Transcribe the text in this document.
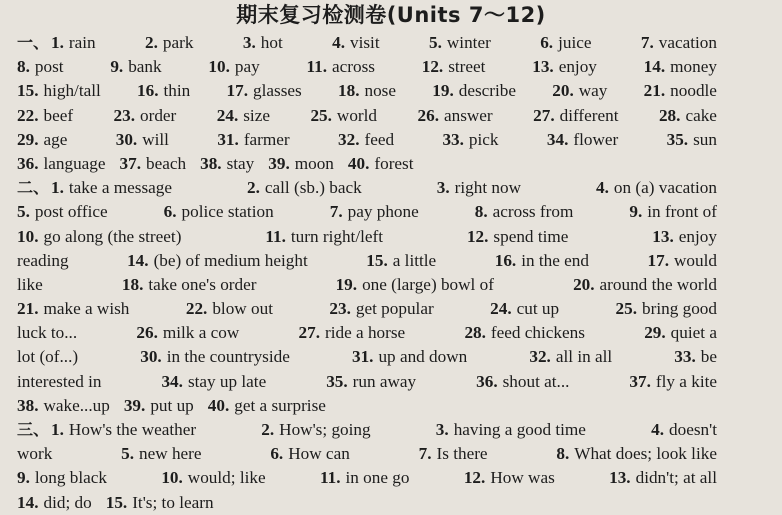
期末复习检测卷(Units 7～12)
一、 1. rain	2. park	3. hot	4. visit	5. winter	6. juice	7. vacation
8. post	9. bank	10. pay	11. across	12. street	13. enjoy	14. money
15. high/tall 16. thin 17. glasses 18. nose 19. describe 20. way 21. noodle
22. beef 23. order 24. size 25. world 26. answer 27. different 28. cake
29. age	30. will	31. farmer	32. feed	33. pick	34. flower	35. sun
36. language 37. beach 38. stay 39. moon 40. forest
二、 1. take a message	2. call (sb.) back	3. right now	4. on (a) vacation
5. post office	6. police station	7. pay phone	8. across from	9. in front of
10. go along (the street)	11. turn right/left	12. spend time	13. enjoy
reading	14. (be) of medium height	15. a little	16. in the end	17. would
like	18. take one's order	19. one (large) bowl of	20. around the world
21. make a wish	22. blow out	23. get popular	24. cut up	25. bring good
luck to...	26. milk a cow	27. ride a horse	28. feed chickens	29. quiet a
lot (of...)	30. in the countryside	31. up and down	32. all in all	33. be
interested in	34. stay up late	35. run away	36. shout at...	37. fly a kite
38. wake...up 39. put up 40. get a surprise
三、 1. How's the weather	2. How's; going	3. having a good time	4. doesn't
work	5. new here	6. How can	7. Is there	8. What does; look like
9. long black	10. would; like	11. in one go	12. How was	13. didn't; at all
14. did; do 15. It's; to learn
